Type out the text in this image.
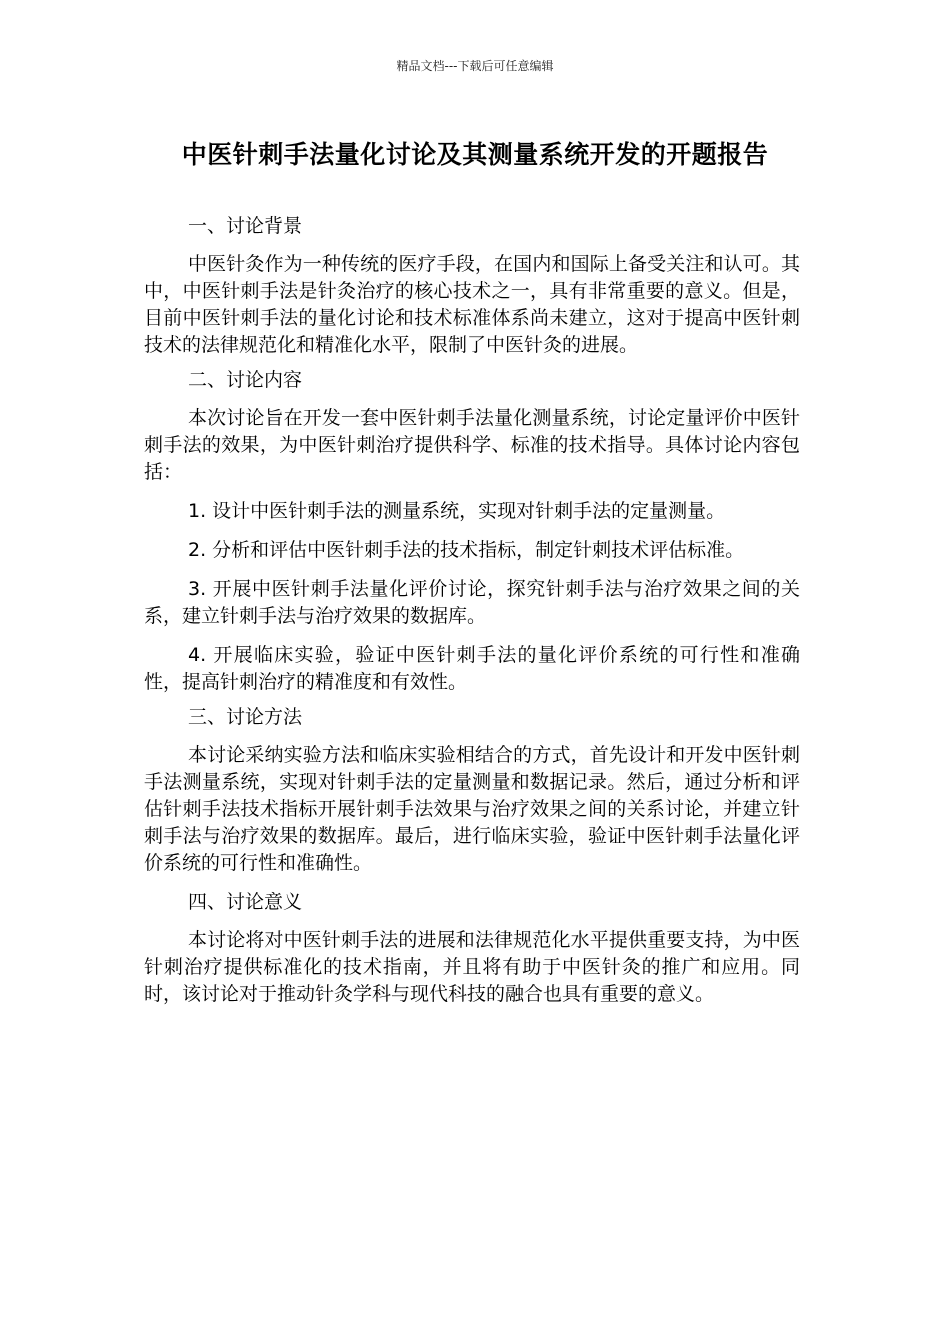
精品文档---下载后可任意编辑
中医针刺手法量化讨论及其测量系统开发的开题报告

一、讨论背景

中医针灸作为一种传统的医疗手段，在国内和国际上备受关注和认可。其中，中医针刺手法是针灸治疗的核心技术之一，具有非常重要的意义。但是，目前中医针刺手法的量化讨论和技术标准体系尚未建立，这对于提高中医针刺技术的法律规范化和精准化水平，限制了中医针灸的进展。

二、讨论内容

本次讨论旨在开发一套中医针刺手法量化测量系统，讨论定量评价中医针刺手法的效果，为中医针刺治疗提供科学、标准的技术指导。具体讨论内容包括：

1. 设计中医针刺手法的测量系统，实现对针刺手法的定量测量。

2. 分析和评估中医针刺手法的技术指标，制定针刺技术评估标准。

3. 开展中医针刺手法量化评价讨论，探究针刺手法与治疗效果之间的关系，建立针刺手法与治疗效果的数据库。

4. 开展临床实验，验证中医针刺手法的量化评价系统的可行性和准确性，提高针刺治疗的精准度和有效性。

三、讨论方法

本讨论采纳实验方法和临床实验相结合的方式，首先设计和开发中医针刺手法测量系统，实现对针刺手法的定量测量和数据记录。然后，通过分析和评估针刺手法技术指标开展针刺手法效果与治疗效果之间的关系讨论，并建立针刺手法与治疗效果的数据库。最后，进行临床实验，验证中医针刺手法量化评价系统的可行性和准确性。

四、讨论意义

本讨论将对中医针刺手法的进展和法律规范化水平提供重要支持，为中医针刺治疗提供标准化的技术指南，并且将有助于中医针灸的推广和应用。同时，该讨论对于推动针灸学科与现代科技的融合也具有重要的意义。
